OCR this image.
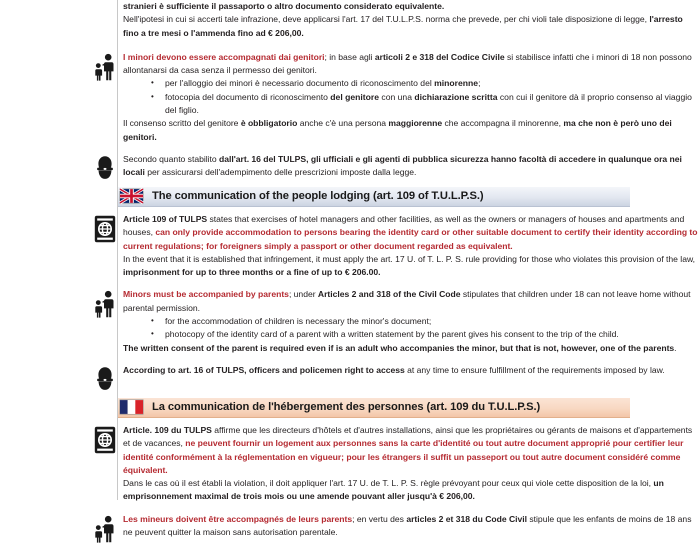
stranieri è sufficiente il passaporto o altro documento considerato equivalente.

Nell'ipotesi in cui si accerti tale infrazione, deve applicarsi l'art. 17 del T.U.L.P.S. norma che prevede, per chi violi tale disposizione di legge, l'arresto fino a tre mesi o l'ammenda fino ad € 206,00.

I minori devono essere accompagnati dai genitori; in base agli articoli 2 e 318 del Codice Civile si stabilisce infatti che i minori di 18 non possono allontanarsi da casa senza il permesso dei genitori.

• per l'alloggio dei minori è necessario documento di riconoscimento del minorenne;
• fotocopia del documento di riconoscimento del genitore con una dichiarazione scritta con cui il genitore dà il proprio consenso al viaggio del figlio.

Il consenso scritto del genitore è obbligatorio anche c'è una persona maggiorenne che accompagna il minorenne, ma che non è però uno dei genitori.

Secondo quanto stabilito dall'art. 16 del TULPS, gli ufficiali e gli agenti di pubblica sicurezza hanno facoltà di accedere in qualunque ora nei locali per assicurarsi dell'adempimento delle prescrizioni imposte dalla legge.

The communication of the people lodging (art. 109 of T.U.L.P.S.)

Article 109 of TULPS states that exercises of hotel managers and other facilities, as well as the owners or managers of houses and apartments and houses, can only provide accommodation to persons bearing the identity card or other suitable document to certify their identity according to current regulations; for foreigners simply a passport or other document regarded as equivalent.

In the event that it is established that infringement, it must apply the art. 17 U. of T. L. P. S. rule providing for those who violates this provision of the law, imprisonment for up to three months or a fine of up to € 206.00.

Minors must be accompanied by parents; under Articles 2 and 318 of the Civil Code stipulates that children under 18 can not leave home without parental permission.

• for the accommodation of children is necessary the minor's document;
• photocopy of the identity card of a parent with a written statement by the parent gives his consent to the trip of the child.

The written consent of the parent is required even if is an adult who accompanies the minor, but that is not, however, one of the parents.

According to art. 16 of TULPS, officers and policemen right to access at any time to ensure fulfillment of the requirements imposed by law.

La communication de l'hébergement des personnes (art. 109 du T.U.L.P.S.)

Article. 109 du TULPS affirme que les directeurs d'hôtels et d'autres installations, ainsi que les propriétaires ou gérants de maisons et d'appartements et de vacances, ne peuvent fournir un logement aux personnes sans la carte d'identité ou tout autre document approprié pour certifier leur identité conformément à la réglementation en vigueur; pour les étrangers il suffit un passeport ou tout autre document considéré comme équivalent.

Dans le cas où il est établi la violation, il doit appliquer l'art. 17 U. de T. L. P. S. règle prévoyant pour ceux qui viole cette disposition de la loi, un emprisonnement maximal de trois mois ou une amende pouvant aller jusqu'à € 206,00.

Les mineurs doivent être accompagnés de leurs parents; en vertu des articles 2 et 318 du Code Civil stipule que les enfants de moins de 18 ans ne peuvent quitter la maison sans autorisation parentale.
